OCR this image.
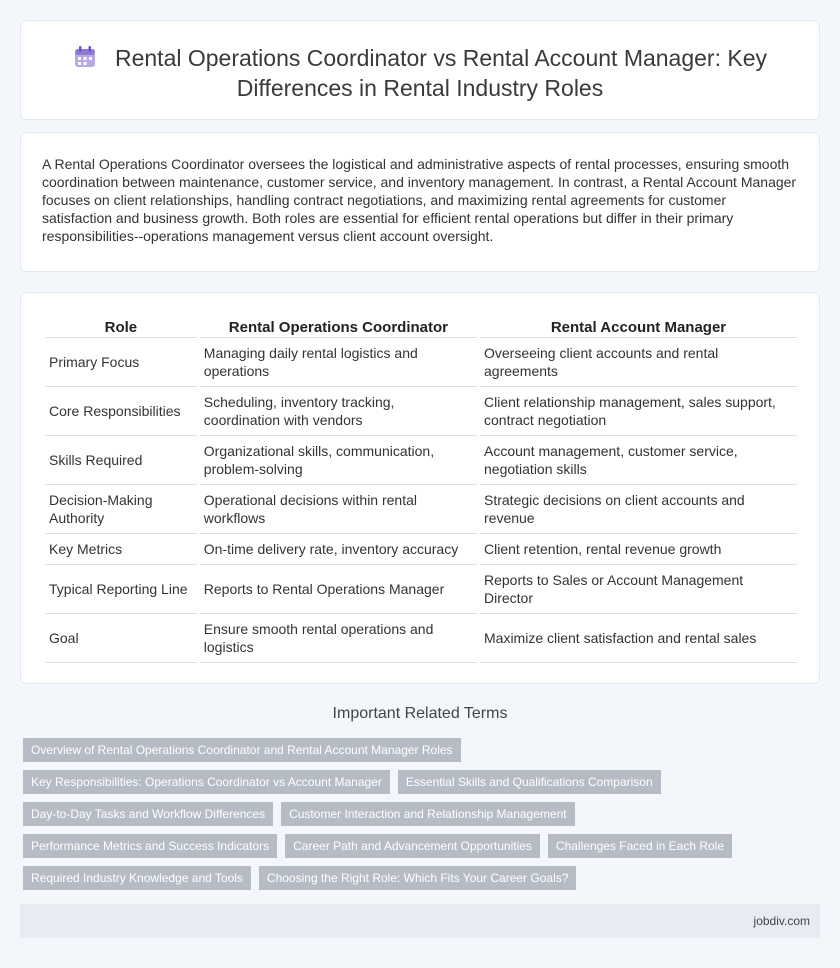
Rental Operations Coordinator vs Rental Account Manager: Key Differences in Rental Industry Roles

A Rental Operations Coordinator oversees the logistical and administrative aspects of rental processes, ensuring smooth coordination between maintenance, customer service, and inventory management. In contrast, a Rental Account Manager focuses on client relationships, handling contract negotiations, and maximizing rental agreements for customer satisfaction and business growth. Both roles are essential for efficient rental operations but differ in their primary responsibilities--operations management versus client account oversight.

Role	Rental Operations Coordinator	Rental Account Manager
Primary Focus	Managing daily rental logistics and operations	Overseeing client accounts and rental agreements
Core Responsibilities	Scheduling, inventory tracking, coordination with vendors	Client relationship management, sales support, contract negotiation
Skills Required	Organizational skills, communication, problem-solving	Account management, customer service, negotiation skills
Decision-Making Authority	Operational decisions within rental workflows	Strategic decisions on client accounts and revenue
Key Metrics	On-time delivery rate, inventory accuracy	Client retention, rental revenue growth
Typical Reporting Line	Reports to Rental Operations Manager	Reports to Sales or Account Management Director
Goal	Ensure smooth rental operations and logistics	Maximize client satisfaction and rental sales
Important Related Terms
Overview of Rental Operations Coordinator and Rental Account Manager Roles
Key Responsibilities: Operations Coordinator vs Account Manager	Essential Skills and Qualifications Comparison
Day-to-Day Tasks and Workflow Differences	Customer Interaction and Relationship Management
Performance Metrics and Success Indicators	Career Path and Advancement Opportunities	Challenges Faced in Each Role
Required Industry Knowledge and Tools	Choosing the Right Role: Which Fits Your Career Goals?
jobdiv.com
